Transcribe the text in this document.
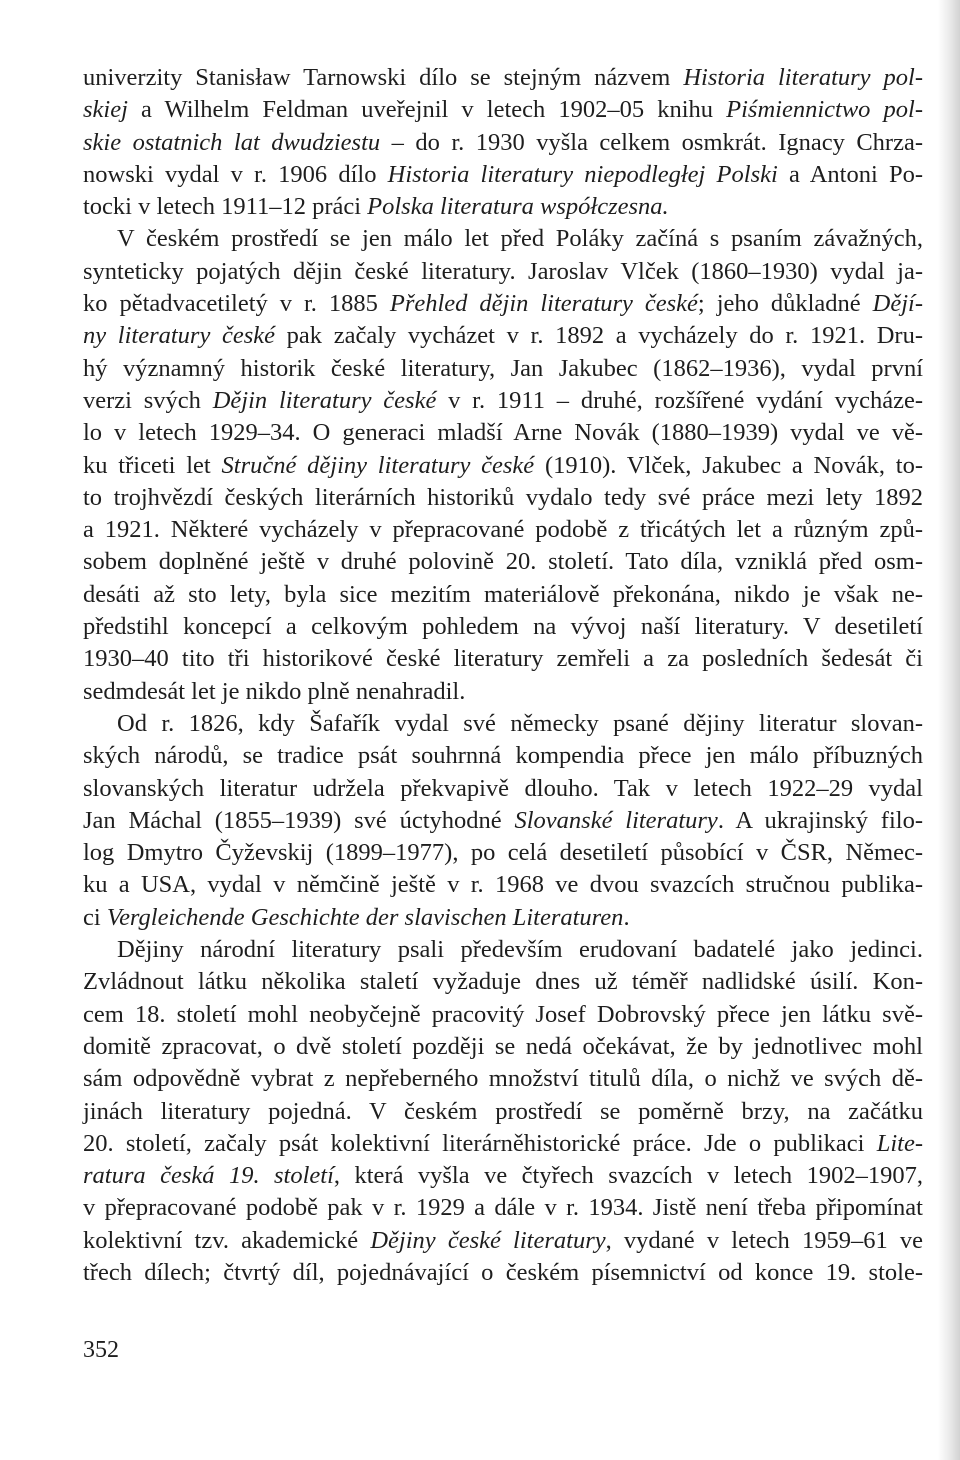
univerzity Stanisław Tarnowski dílo se stejným názvem Historia literatury pol-
skiej a Wilhelm Feldman uveřejnil v letech 1902–05 knihu Piśmiennictwo pol-
skie ostatnich lat dwudziestu – do r. 1930 vyšla celkem osmkrát. Ignacy Chrza-
nowski vydal v r. 1906 dílo Historia literatury niepodległej Polski a Antoni Po-
tocki v letech 1911–12 práci Polska literatura współczesna.
V českém prostředí se jen málo let před Poláky začíná s psaním závažných,
synteticky pojatých dějin české literatury. Jaroslav Vlček (1860–1930) vydal ja-
ko pětadvacetiletý v r. 1885 Přehled dějin literatury české; jeho důkladné Dějí-
ny literatury české pak začaly vycházet v r. 1892 a vycházely do r. 1921. Dru-
hý významný historik české literatury, Jan Jakubec (1862–1936), vydal první
verzi svých Dějin literatury české v r. 1911 – druhé, rozšířené vydání vycháze-
lo v letech 1929–34. O generaci mladší Arne Novák (1880–1939) vydal ve vě-
ku třiceti let Stručné dějiny literatury české (1910). Vlček, Jakubec a Novák, to-
to trojhvězdí českých literárních historiků vydalo tedy své práce mezi lety 1892
a 1921. Některé vycházely v přepracované podobě z třicátých let a různým způ-
sobem doplněné ještě v druhé polovině 20. století. Tato díla, vzniklá před osm-
desáti až sto lety, byla sice mezitím materiálově překonána, nikdo je však ne-
předstihl koncepcí a celkovým pohledem na vývoj naší literatury. V desetiletí
1930–40 tito tři historikové české literatury zemřeli a za posledních šedesát či
sedmdesát let je nikdo plně nenahradil.
Od r. 1826, kdy Šafařík vydal své německy psané dějiny literatur slovan-
ských národů, se tradice psát souhrnná kompendia přece jen málo příbuzných
slovanských literatur udržela překvapivě dlouho. Tak v letech 1922–29 vydal
Jan Máchal (1855–1939) své úctyhodné Slovanské literatury. A ukrajinský filo-
log Dmytro Čyževskij (1899–1977), po celá desetiletí působící v ČSR, Němec-
ku a USA, vydal v němčině ještě v r. 1968 ve dvou svazcích stručnou publika-
ci Vergleichende Geschichte der slavischen Literaturen.
Dějiny národní literatury psali především erudovaní badatelé jako jedinci.
Zvládnout látku několika staletí vyžaduje dnes už téměř nadlidské úsilí. Kon-
cem 18. století mohl neobyčejně pracovitý Josef Dobrovský přece jen látku svě-
domitě zpracovat, o dvě století později se nedá očekávat, že by jednotlivec mohl
sám odpovědně vybrat z nepřeberného množství titulů díla, o nichž ve svých dě-
jinách literatury pojedná. V českém prostředí se poměrně brzy, na začátku
20. století, začaly psát kolektivní literárněhistorické práce. Jde o publikaci Lite-
ratura česká 19. století, která vyšla ve čtyřech svazcích v letech 1902–1907,
v přepracované podobě pak v r. 1929 a dále v r. 1934. Jistě není třeba připomínat
kolektivní tzv. akademické Dějiny české literatury, vydané v letech 1959–61 ve
třech dílech; čtvrtý díl, pojednávající o českém písemnictví od konce 19. stole-
352
